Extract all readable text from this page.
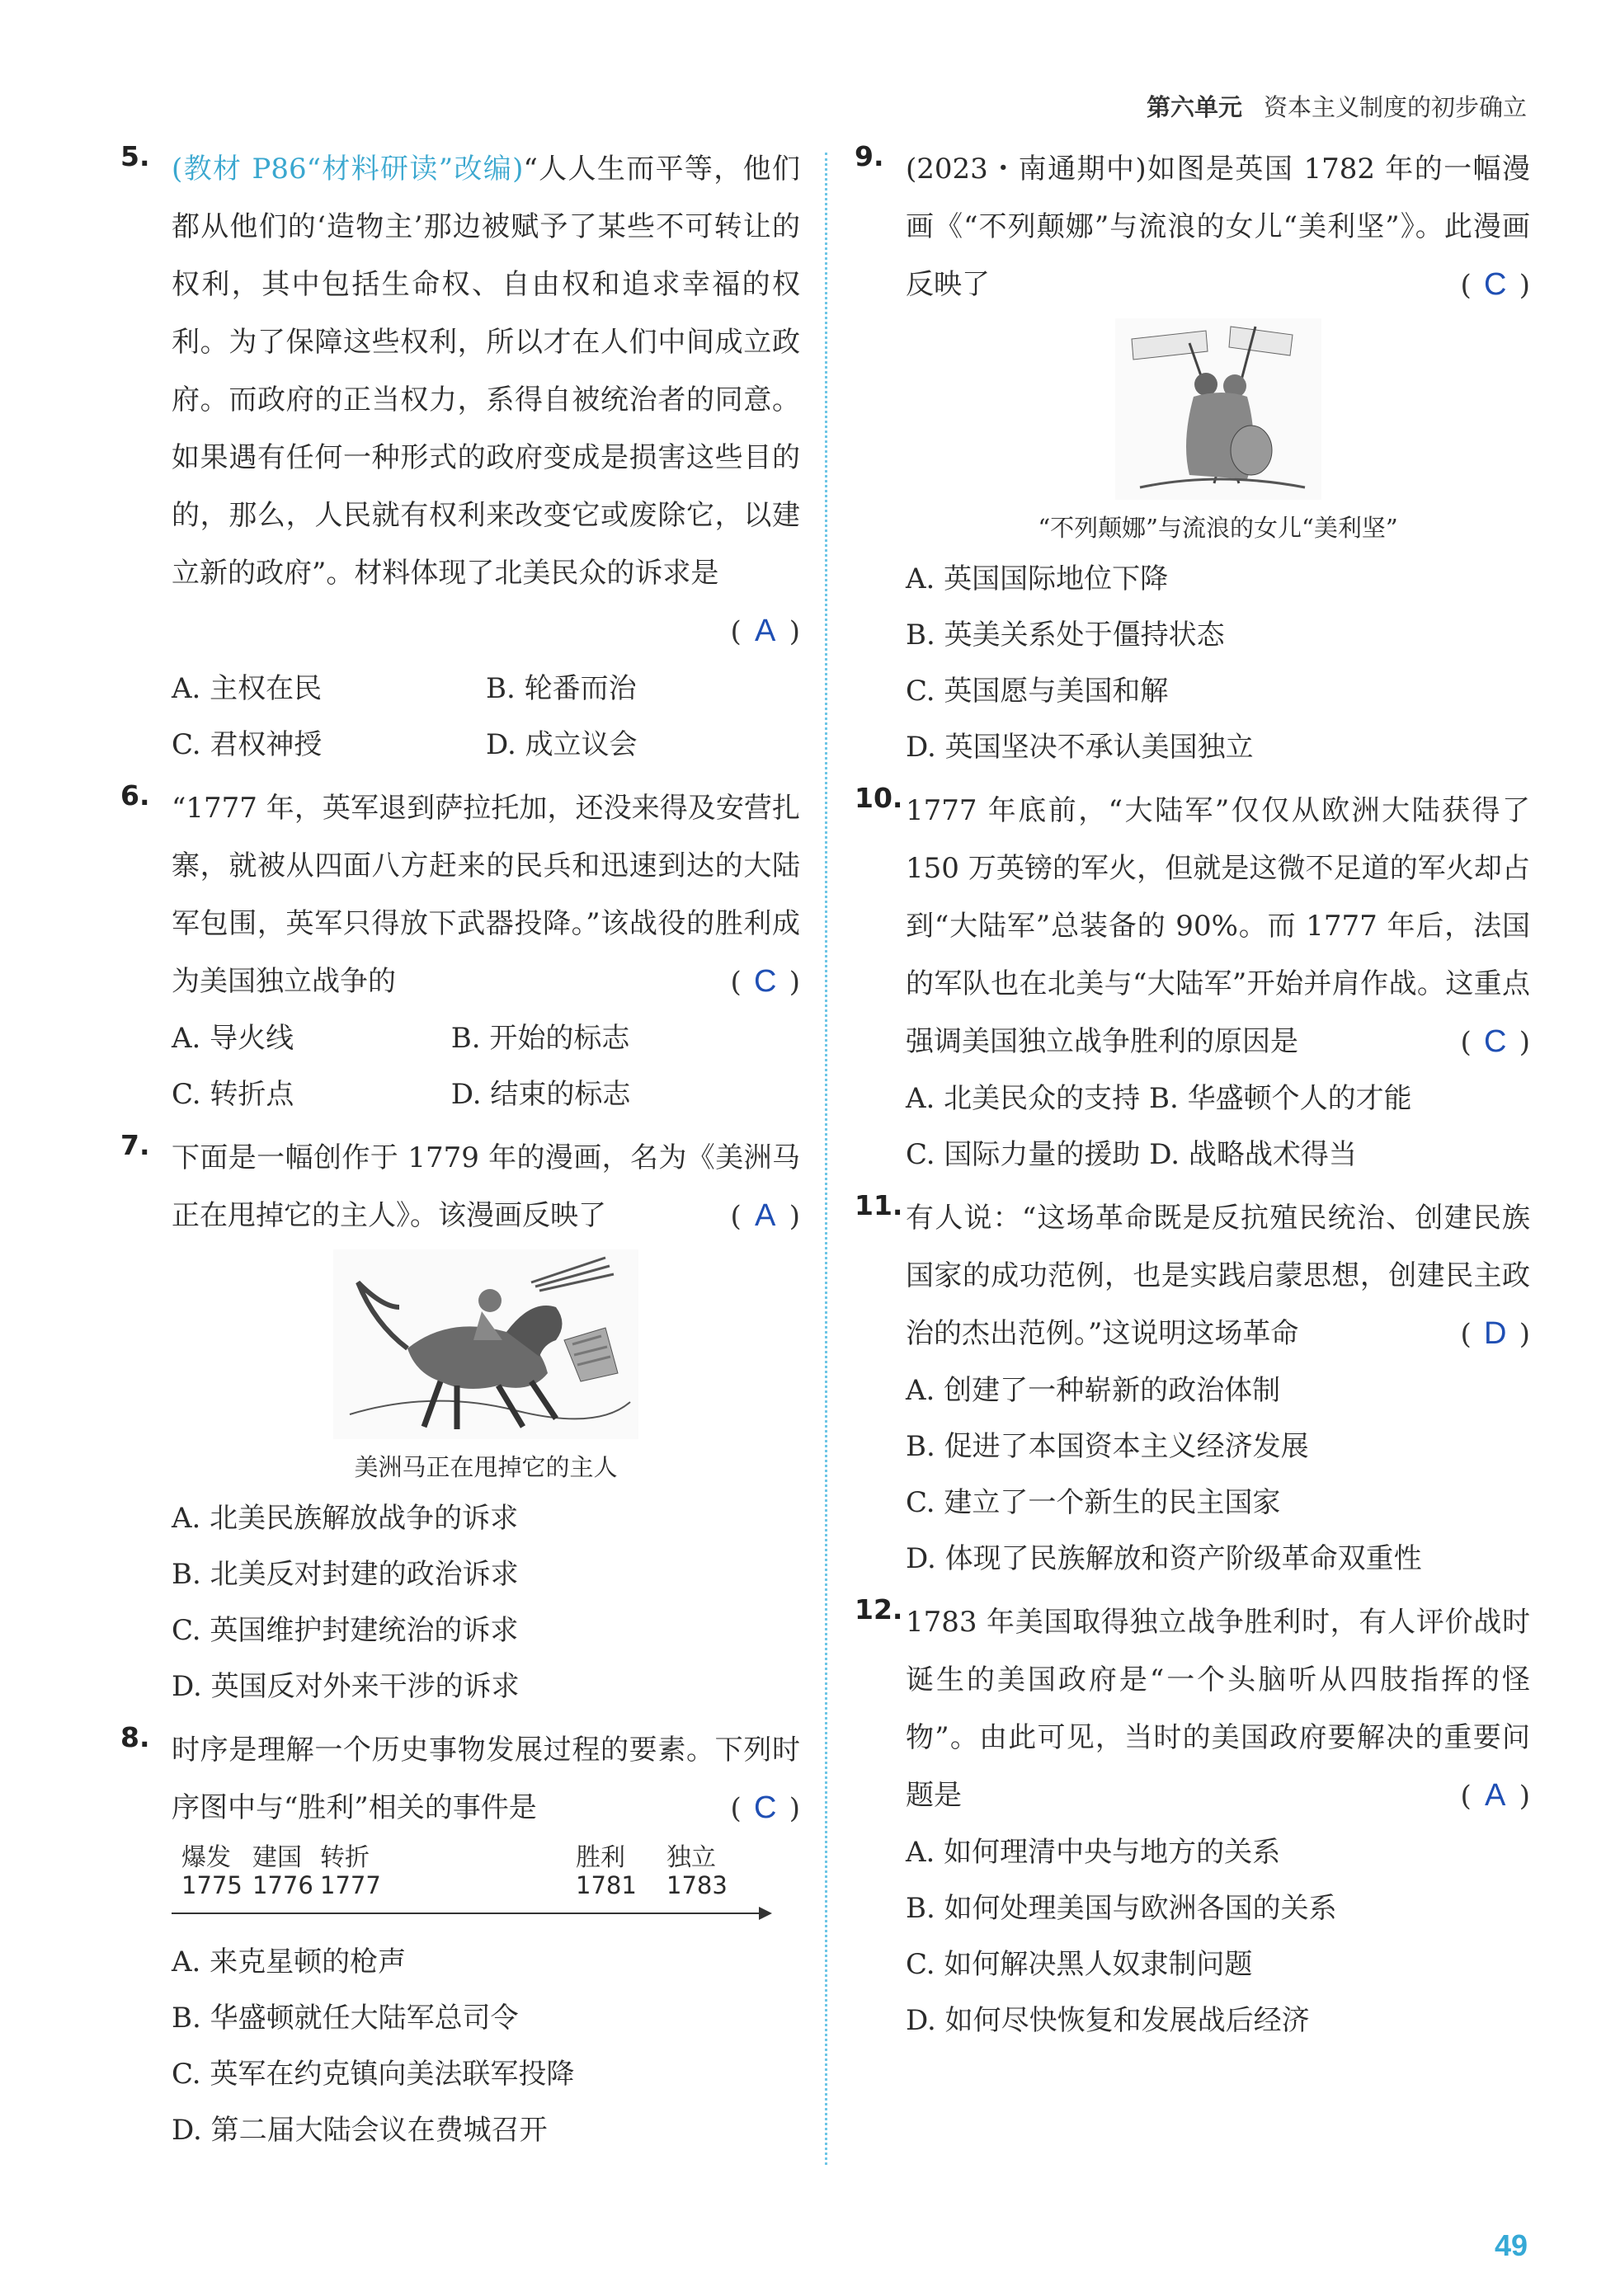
第六单元 资本主义制度的初步确立
5. (教材 P86“材料研读”改编)“人人生而平等，他们都从他们的‘造物主’那边被赋予了某些不可转让的权利，其中包括生命权、自由权和追求幸福的权利。为了保障这些权利，所以才在人们中间成立政府。而政府的正当权力，系得自被统治者的同意。如果遇有任何一种形式的政府变成是损害这些目的的，那么，人民就有权利来改变它或废除它，以建立新的政府”。材料体现了北美民众的诉求是
( A )
A. 主权在民	B. 轮番而治
C. 君权神授	D. 成立议会
6. “1777 年，英军退到萨拉托加，还没来得及安营扎寨，就被从四面八方赶来的民兵和迅速到达的大陆军包围，英军只得放下武器投降。”该战役的胜利成为美国独立战争的	( C )
A. 导火线	B. 开始的标志
C. 转折点	D. 结束的标志
7. 下面是一幅创作于 1779 年的漫画，名为《美洲马正在甩掉它的主人》。该漫画反映了	( A )
美洲马正在甩掉它的主人
A. 北美民族解放战争的诉求
B. 北美反对封建的政治诉求
C. 英国维护封建统治的诉求
D. 英国反对外来干涉的诉求
8. 时序是理解一个历史事物发展过程的要素。下列时序图中与“胜利”相关的事件是	( C )
爆发 建国 转折	胜利 独立
1775 1776 1777	1781 1783
A. 来克星顿的枪声
B. 华盛顿就任大陆军总司令
C. 英军在约克镇向美法联军投降
D. 第二届大陆会议在费城召开
9. (2023・南通期中)如图是英国 1782 年的一幅漫画《“不列颠娜”与流浪的女儿“美利坚”》。此漫画反映了	( C )
“不列颠娜”与流浪的女儿“美利坚”
A. 英国国际地位下降
B. 英美关系处于僵持状态
C. 英国愿与美国和解
D. 英国坚决不承认美国独立
10. 1777 年底前，“大陆军”仅仅从欧洲大陆获得了 150 万英镑的军火，但就是这微不足道的军火却占到“大陆军”总装备的 90%。而 1777 年后，法国的军队也在北美与“大陆军”开始并肩作战。这重点强调美国独立战争胜利的原因是	( C )
A. 北美民众的支持 B. 华盛顿个人的才能
C. 国际力量的援助 D. 战略战术得当
11. 有人说：“这场革命既是反抗殖民统治、创建民族国家的成功范例，也是实践启蒙思想，创建民主政治的杰出范例。”这说明这场革命	( D )
A. 创建了一种崭新的政治体制
B. 促进了本国资本主义经济发展
C. 建立了一个新生的民主国家
D. 体现了民族解放和资产阶级革命双重性
12. 1783 年美国取得独立战争胜利时，有人评价战时诞生的美国政府是“一个头脑听从四肢指挥的怪物”。由此可见，当时的美国政府要解决的重要问题是	( A )
A. 如何理清中央与地方的关系
B. 如何处理美国与欧洲各国的关系
C. 如何解决黑人奴隶制问题
D. 如何尽快恢复和发展战后经济
49
